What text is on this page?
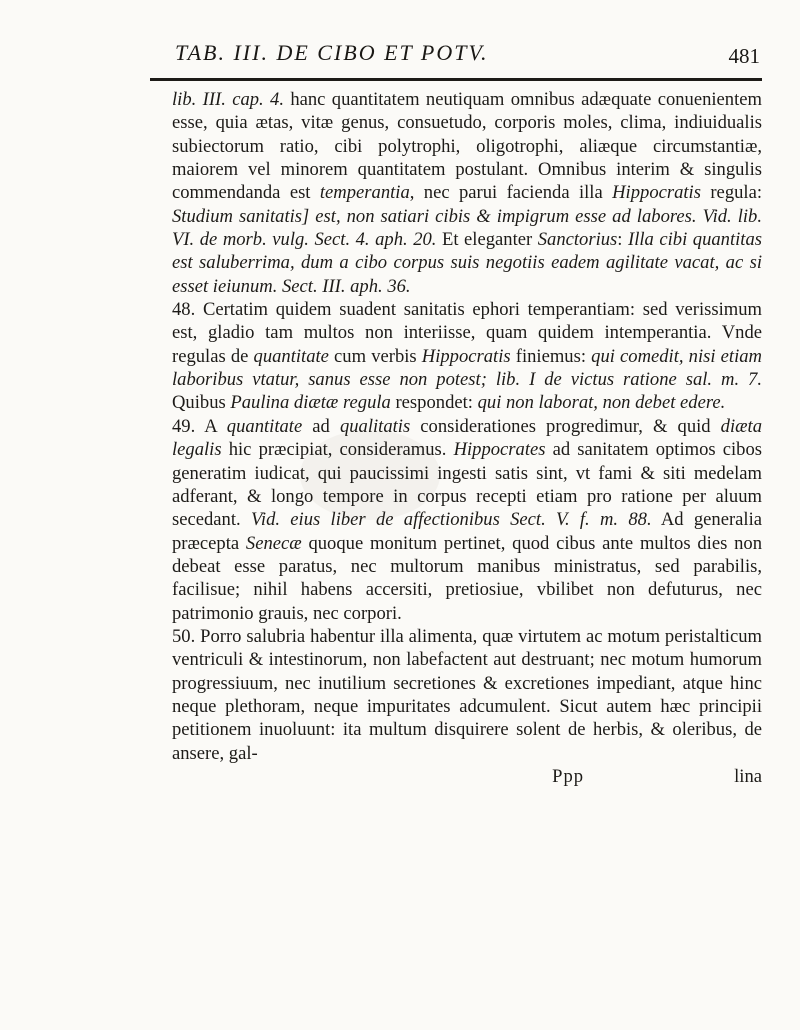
TAB. III. DE CIBO ET POTV.	481

lib. III. cap. 4. hanc quantitatem neutiquam omnibus adæquate conuenientem esse, quia ætas, vitæ genus, consuetudo, corporis moles, clima, indiuidualis subiectorum ratio, cibi polytrophi, oligotrophi, aliæque circumstantiæ, maiorem vel minorem quantitatem postulant. Omnibus interim & singulis commendanda est temperantia, nec parui facienda illa Hippocratis regula: Studium sanitatis] est, non satiari cibis & impigrum esse ad labores. Vid. lib. VI. de morb. vulg. Sect. 4. aph. 20. Et eleganter Sanctorius: Illa cibi quantitas est saluberrima, dum a cibo corpus suis negotiis eadem agilitate vacat, ac si esset ieiunum. Sect. III. aph. 36.

48. Certatim quidem suadent sanitatis ephori temperantiam: sed verissimum est, gladio tam multos non interiisse, quam quidem intemperantia. Vnde regulas de quantitate cum verbis Hippocratis finiemus: qui comedit, nisi etiam laboribus vtatur, sanus esse non potest; lib. I de victus ratione sal. m. 7. Quibus Paulina diætæ regula respondet: qui non laborat, non debet edere.

49. A quantitate ad qualitatis considerationes progredimur, & quid diæta legalis hic præcipiat, consideramus. Hippocrates ad sanitatem optimos cibos generatim iudicat, qui paucissimi ingesti satis sint, vt fami & siti medelam adferant, & longo tempore in corpus recepti etiam pro ratione per aluum secedant. Vid. eius liber de affectionibus Sect. V. f. m. 88. Ad generalia præcepta Senecæ quoque monitum pertinet, quod cibus ante multos dies non debeat esse paratus, nec multorum manibus ministratus, sed parabilis, facilisue; nihil habens accersiti, pretiosiue, vbilibet non defuturus, nec patrimonio grauis, nec corpori.

50. Porro salubria habentur illa alimenta, quæ virtutem ac motum peristalticum ventriculi & intestinorum, non labefactent aut destruant; nec motum humorum progressiuum, nec inutilium secretiones & excretiones impediant, atque hinc neque plethoram, neque impuritates adcumulent. Sicut autem hæc principii petitionem inuoluunt: ita multum disquirere solent de herbis, & oleribus, de ansere, gal-

Ppp	lina
